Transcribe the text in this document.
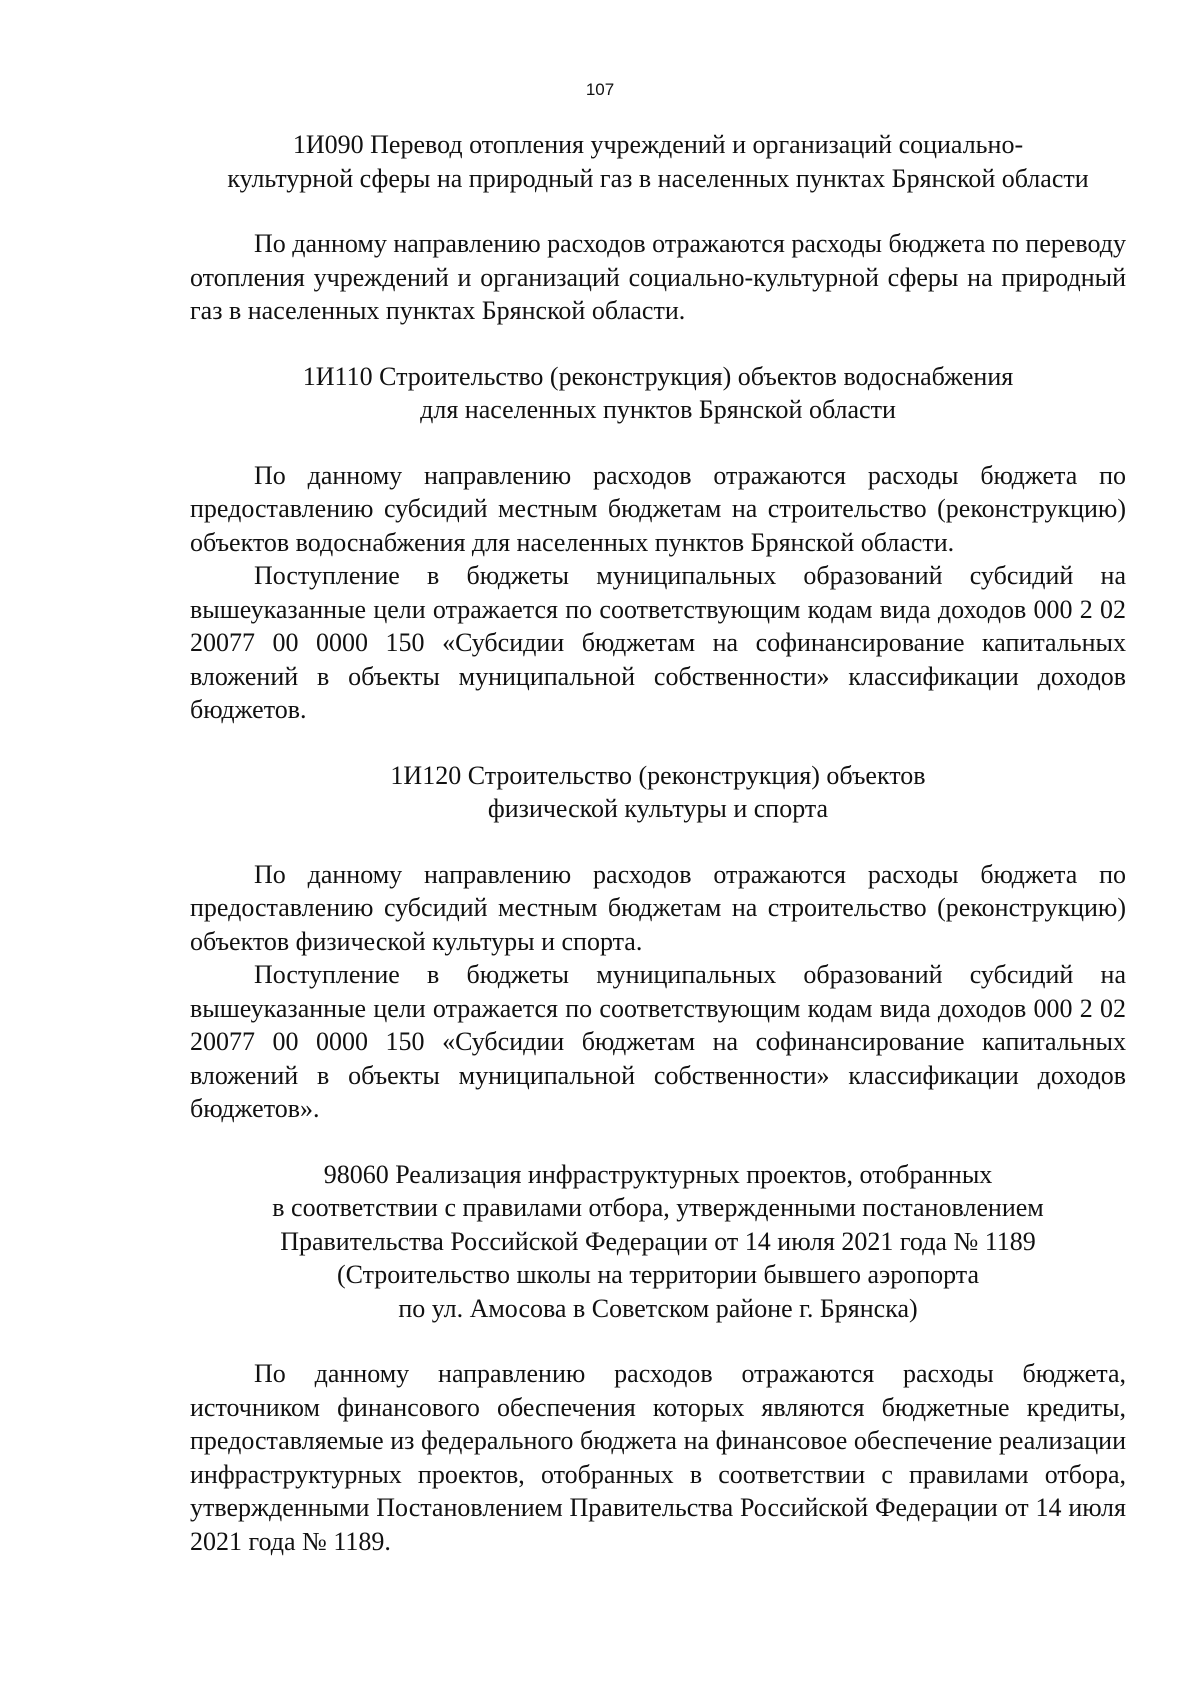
107

1И090 Перевод отопления учреждений и организаций социально-
культурной сферы на природный газ в населенных пунктах Брянской области

По данному направлению расходов отражаются расходы бюджета по переводу отопления учреждений и организаций социально-культурной сферы на природный газ в населенных пунктах Брянской области.

1И110 Строительство (реконструкция) объектов водоснабжения
для населенных пунктов Брянской области

По данному направлению расходов отражаются расходы бюджета по предоставлению субсидий местным бюджетам на строительство (реконструкцию) объектов водоснабжения для населенных пунктов Брянской области.

Поступление в бюджеты муниципальных образований субсидий на вышеуказанные цели отражается по соответствующим кодам вида доходов 000 2 02 20077 00 0000 150 «Субсидии бюджетам на софинансирование капитальных вложений в объекты муниципальной собственности» классификации доходов бюджетов.

1И120 Строительство (реконструкция) объектов
физической культуры и спорта

По данному направлению расходов отражаются расходы бюджета по предоставлению субсидий местным бюджетам на строительство (реконструкцию) объектов физической культуры и спорта.

Поступление в бюджеты муниципальных образований субсидий на вышеуказанные цели отражается по соответствующим кодам вида доходов 000 2 02 20077 00 0000 150 «Субсидии бюджетам на софинансирование капитальных вложений в объекты муниципальной собственности» классификации доходов бюджетов».

98060 Реализация инфраструктурных проектов, отобранных
в соответствии с правилами отбора, утвержденными постановлением
Правительства Российской Федерации от 14 июля 2021 года № 1189
(Строительство школы на территории бывшего аэропорта
по ул. Амосова в Советском районе г. Брянска)

По данному направлению расходов отражаются расходы бюджета, источником финансового обеспечения которых являются бюджетные кредиты, предоставляемые из федерального бюджета на финансовое обеспечение реализации инфраструктурных проектов, отобранных в соответствии с правилами отбора, утвержденными Постановлением Правительства Российской Федерации от 14 июля 2021 года № 1189.
